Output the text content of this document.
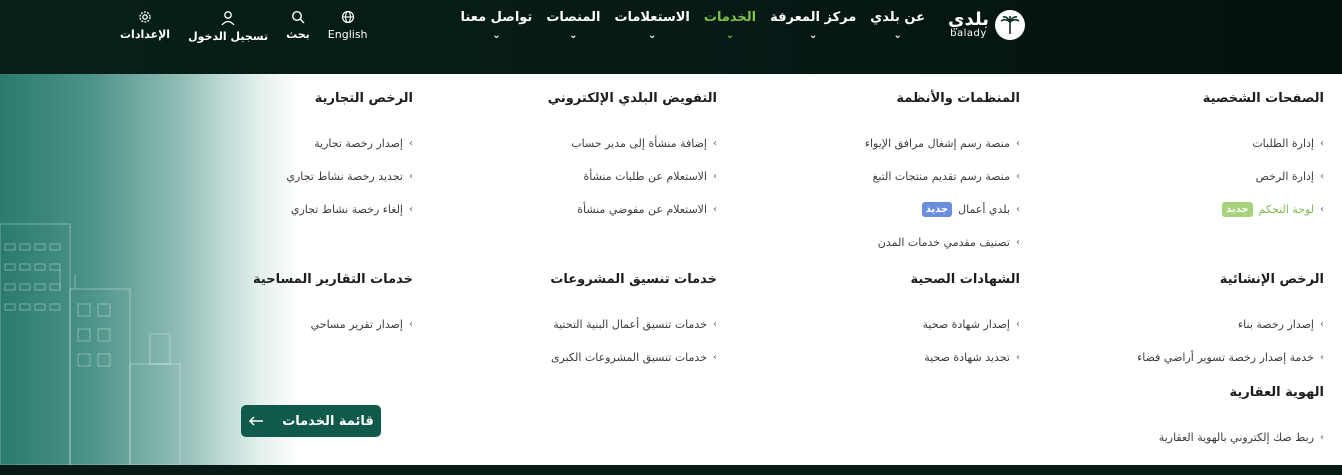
بلدي
balady
عن بلدي
⌄
مركز المعرفة
⌄
الخدمات
⌄
الاستعلامات
⌄
المنصات
⌄
تواصل معنا
⌄
الإعدادات تسجيل الدخول بحث English
الصفحات الشخصية
›
إدارة الطلبات
›
إدارة الرخص
›
لوحة التحكم
جديد
المنظمات والأنظمة
›
منصة رسم إشغال مرافق الإيواء
›
منصة رسم تقديم منتجات التبغ
›
بلدي أعمال
جديد
›
تصنيف مقدمي خدمات المدن
التفويض البلدي الإلكتروني
›
إضافة منشأة إلى مدير حساب
›
الاستعلام عن طلبات منشأة
›
الاستعلام عن مفوضي منشأة
الرخص التجارية
›
إصدار رخصة تجارية
›
تجديد رخصة نشاط تجاري
›
إلغاء رخصة نشاط تجاري
الرخص الإنشائية
›
إصدار رخصة بناء
›
خدمة إصدار رخصة تسوير أراضي فضاء
الشهادات الصحية
›
إصدار شهادة صحية
›
تجديد شهادة صحية
خدمات تنسيق المشروعات
›
خدمات تنسيق أعمال البنية التحتية
›
خدمات تنسيق المشروعات الكبرى
خدمات التقارير المساحية
›
إصدار تقرير مساحي
الهوية العقارية
›
ربط صك إلكتروني بالهوية العقارية
قائمة الخدمات
